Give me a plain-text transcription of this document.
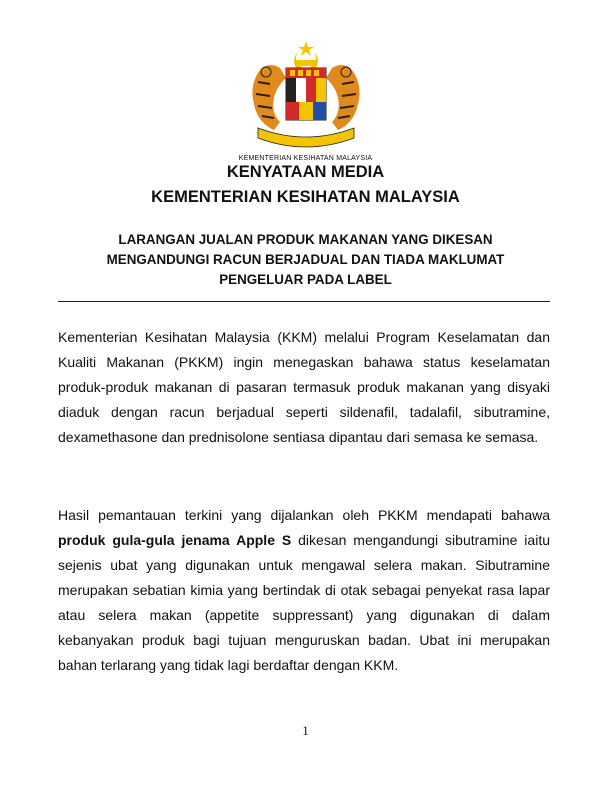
KEMENTERIAN KESIHATAN MALAYSIA
KENYATAAN MEDIA
KEMENTERIAN KESIHATAN MALAYSIA
LARANGAN JUALAN PRODUK MAKANAN YANG DIKESAN
MENGANDUNGI RACUN BERJADUAL DAN TIADA MAKLUMAT
PENGELUAR PADA LABEL

Kementerian Kesihatan Malaysia (KKM) melalui Program Keselamatan dan Kualiti Makanan (PKKM) ingin menegaskan bahawa status keselamatan produk-produk makanan di pasaran termasuk produk makanan yang disyaki diaduk dengan racun berjadual seperti sildenafil, tadalafil, sibutramine, dexamethasone dan prednisolone sentiasa dipantau dari semasa ke semasa.

Hasil pemantauan terkini yang dijalankan oleh PKKM mendapati bahawa produk gula-gula jenama Apple S dikesan mengandungi sibutramine iaitu sejenis ubat yang digunakan untuk mengawal selera makan. Sibutramine merupakan sebatian kimia yang bertindak di otak sebagai penyekat rasa lapar atau selera makan (appetite suppressant) yang digunakan di dalam kebanyakan produk bagi tujuan menguruskan badan. Ubat ini merupakan bahan terlarang yang tidak lagi berdaftar dengan KKM.

1
